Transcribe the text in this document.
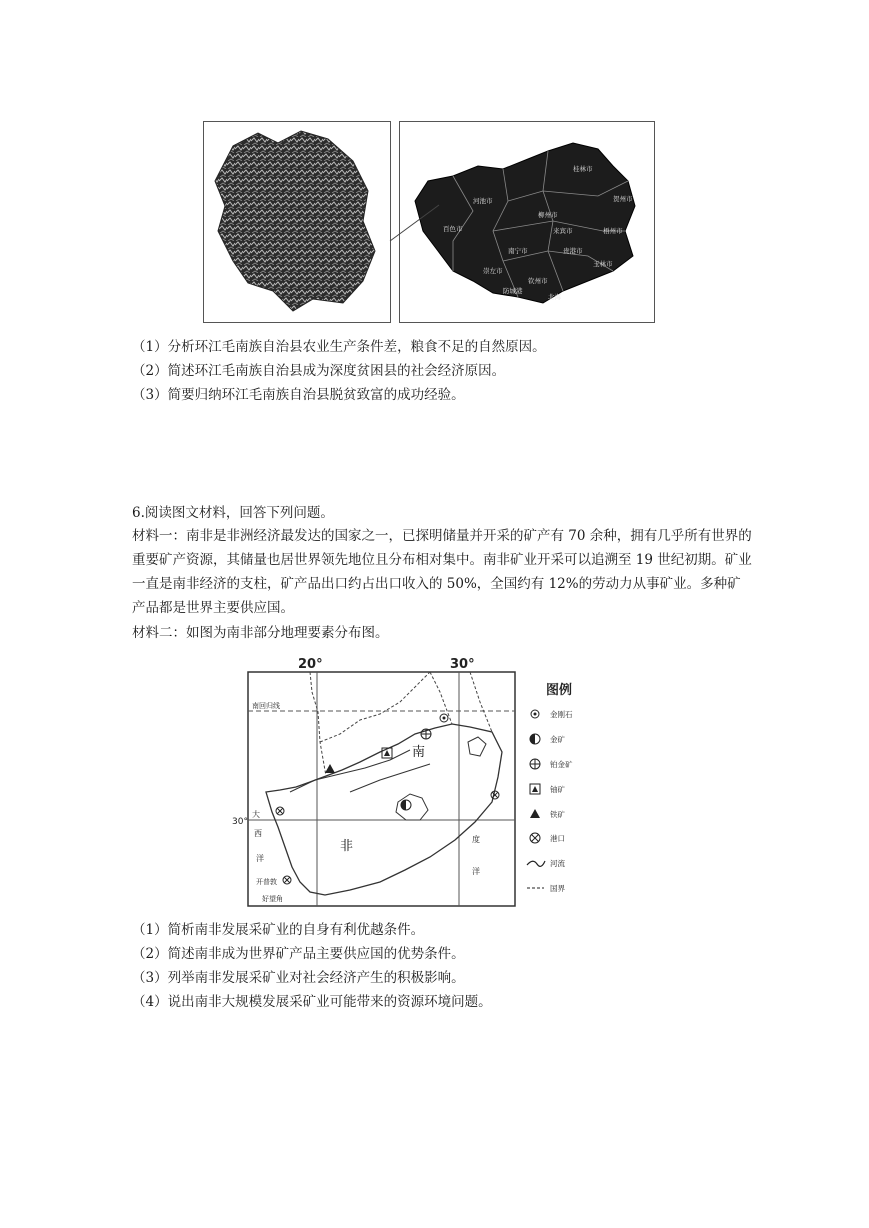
河池市
柳州市
桂林市
贺州市
梧州市
来宾市
贵港市
南宁市
百色市
崇左市
钦州市
玉林市
防城港
北海
（1）分析环江毛南族自治县农业生产条件差，粮食不足的自然原因。
（2）简述环江毛南族自治县成为深度贫困县的社会经济原因。
（3）简要归纳环江毛南族自治县脱贫致富的成功经验。
6.阅读图文材料，回答下列问题。
材料一：南非是非洲经济最发达的国家之一，已探明储量并开采的矿产有 70 余种，拥有几乎所有世界的重要矿产资源，其储量也居世界领先地位且分布相对集中。南非矿业开采可以追溯至 19 世纪初期。矿业一直是南非经济的支柱，矿产品出口约占出口收入的 50%，全国约有 12%的劳动力从事矿业。多种矿产品都是世界主要供应国。
材料二：如图为南非部分地理要素分布图。
20°	30°
30°
南回归线
南
非
大
西
洋
度
洋
开普敦
好望角
图例
金刚石
金矿
铂金矿
铀矿
铁矿
港口
河流
国界
（1）简析南非发展采矿业的自身有利优越条件。
（2）简述南非成为世界矿产品主要供应国的优势条件。
（3）列举南非发展采矿业对社会经济产生的积极影响。
（4）说出南非大规模发展采矿业可能带来的资源环境问题。
